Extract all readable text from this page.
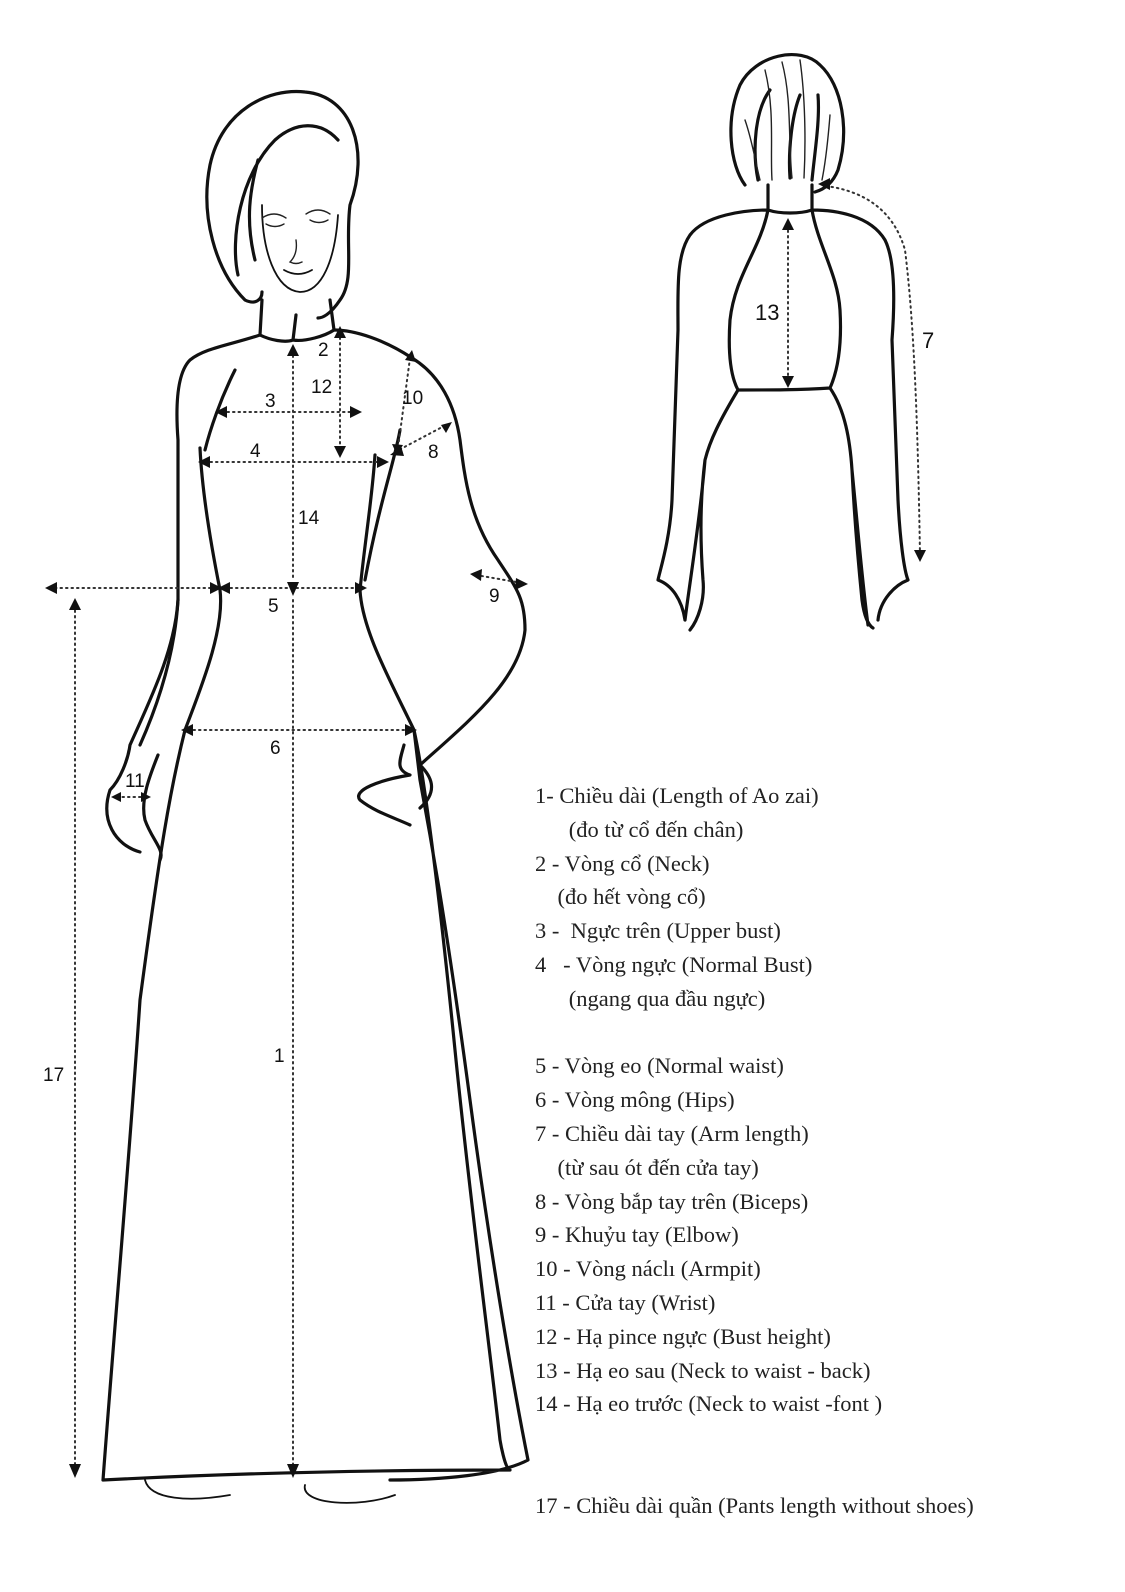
2
12
3	10
4	8
14
5	9
6
11
1
17
13
7
1- Chiều dài (Length of Ao zai)
(đo từ cổ đến chân)
2 - Vòng cổ (Neck)
(đo hết vòng cổ)
3 -  Ngực trên (Upper bust)
4   - Vòng ngực (Normal Bust)
(ngang qua đầu ngực)
5 - Vòng eo (Normal waist)
6 - Vòng mông (Hips)
7 - Chiều dài tay (Arm length)
(từ sau ót đến cửa tay)
8 - Vòng bắp tay trên (Biceps)
9 - Khuỷu tay (Elbow)
10 - Vòng náclı (Armpit)
11 - Cửa tay (Wrist)
12 - Hạ pince ngực (Bust height)
13 - Hạ eo sau (Neck to waist - back)
14 - Hạ eo trước (Neck to waist -font )
17 - Chiều dài quần (Pants length without shoes)
